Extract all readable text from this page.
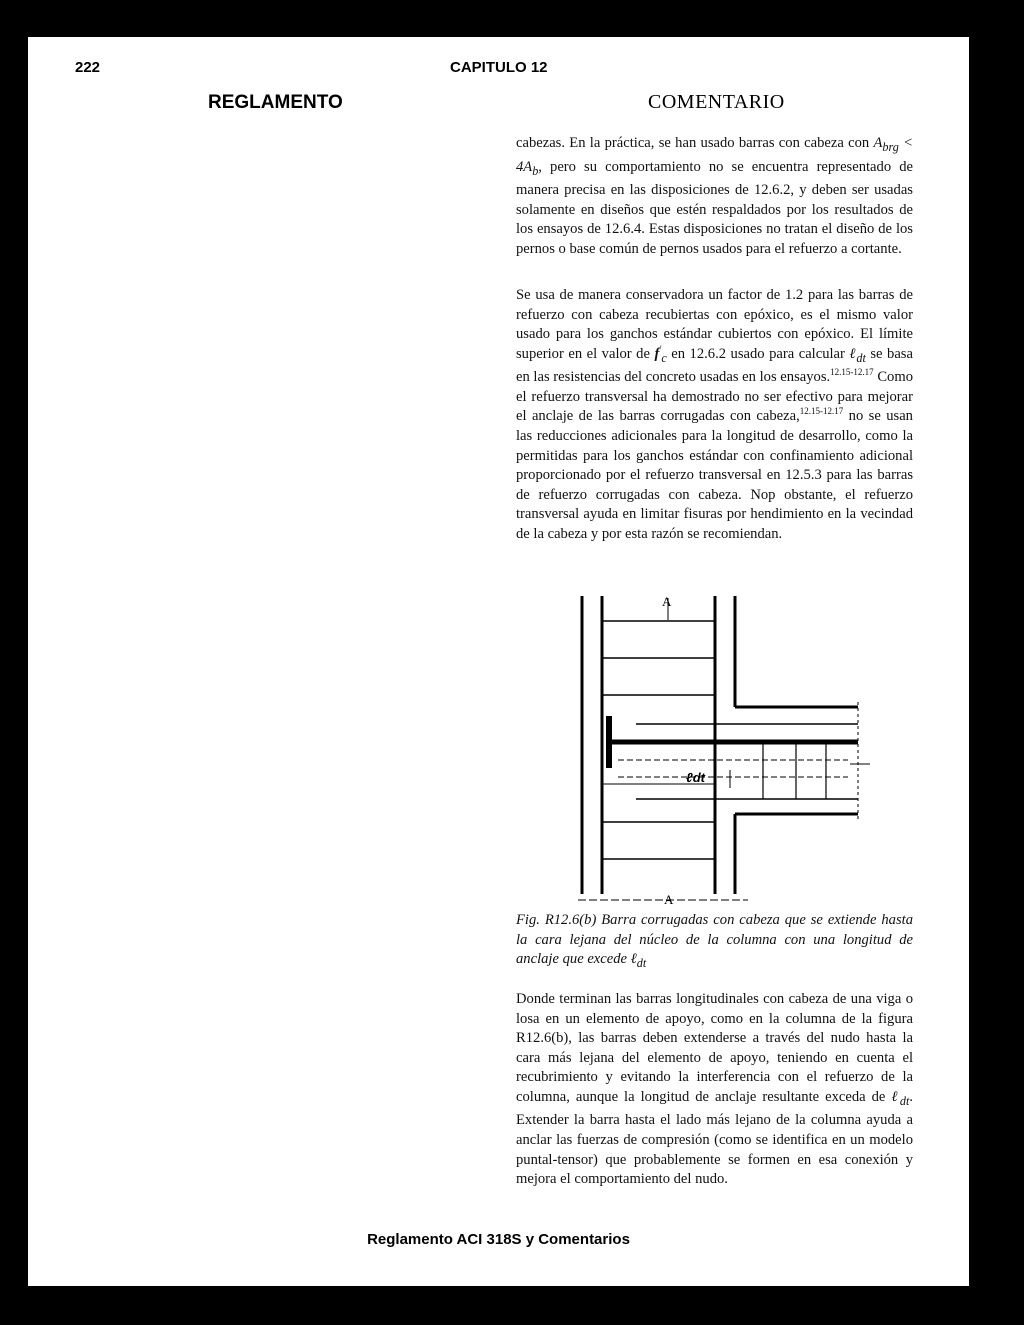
222	CAPITULO 12
REGLAMENTO	COMENTARIO
cabezas. En la práctica, se han usado barras con cabeza con $A_{brg} < 4A_b$, pero su comportamiento no se encuentra representado de manera precisa en las disposiciones de 12.6.2, y deben ser usadas solamente en diseños que estén respaldados por los resultados de los ensayos de 12.6.4. Estas disposiciones no tratan el diseño de los pernos o base común de pernos usados para el refuerzo a cortante.
Se usa de manera conservadora un factor de 1.2 para las barras de refuerzo con cabeza recubiertas con epóxico, es el mismo valor usado para los ganchos estándar cubiertos con epóxico. El límite superior en el valor de $f'_c$ en 12.6.2 usado para calcular ℓ$_{dt}$ se basa en las resistencias del concreto usadas en los ensayos.$^{12.15-12.17}$ Como el refuerzo transversal ha demostrado no ser efectivo para mejorar el anclaje de las barras corrugadas con cabeza,$^{12.15-12.17}$ no se usan las reducciones adicionales para la longitud de desarrollo, como la permitidas para los ganchos estándar con confinamiento adicional proporcionado por el refuerzo transversal en 12.5.3 para las barras de refuerzo corrugadas con cabeza. Nop obstante, el refuerzo transversal ayuda en limitar fisuras por hendimiento en la vecindad de la cabeza y por esta razón se recomiendan.
A
A
ℓdt
Fig. R12.6(b) Barra corrugadas con cabeza que se extiende hasta la cara lejana del núcleo de la columna con una longitud de anclaje que excede ℓ$_{dt}$
Donde terminan las barras longitudinales con cabeza de una viga o losa en un elemento de apoyo, como en la columna de la figura R12.6(b), las barras deben extenderse a través del nudo hasta la cara más lejana del elemento de apoyo, teniendo en cuenta el recubrimiento y evitando la interferencia con el refuerzo de la columna, aunque la longitud de anclaje resultante exceda de ℓ$_{dt}$. Extender la barra hasta el lado más lejano de la columna ayuda a anclar las fuerzas de compresión (como se identifica en un modelo puntal-tensor) que probablemente se formen en esa conexión y mejora el comportamiento del nudo.
Reglamento ACI 318S y Comentarios
